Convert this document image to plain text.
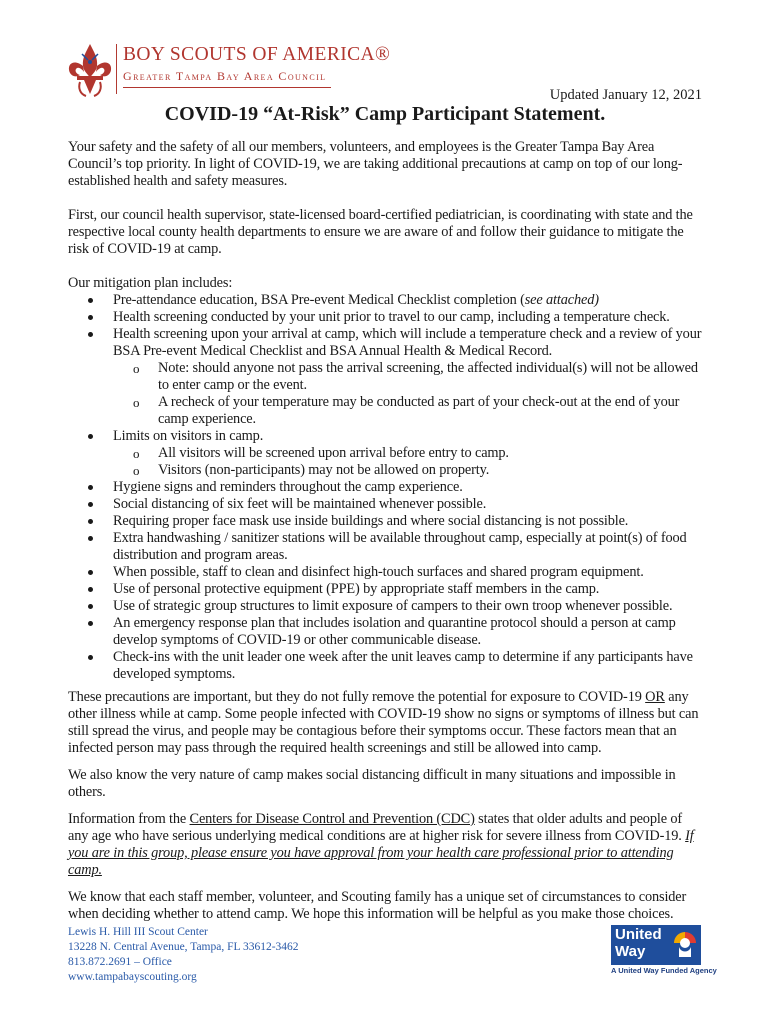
BOY SCOUTS OF AMERICA®
Greater Tampa Bay Area Council
Updated January 12, 2021
COVID-19 “At-Risk” Camp Participant Statement.

Your safety and the safety of all our members, volunteers, and employees is the Greater Tampa Bay Area Council’s top priority. In light of COVID-19, we are taking additional precautions at camp on top of our long-established health and safety measures.

First, our council health supervisor, state-licensed board-certified pediatrician, is coordinating with state and the respective local county health departments to ensure we are aware of and follow their guidance to mitigate the risk of COVID-19 at camp.

Our mitigation plan includes:

Pre-attendance education, BSA Pre-event Medical Checklist completion (see attached)
Health screening conducted by your unit prior to travel to our camp, including a temperature check.
Health screening upon your arrival at camp, which will include a temperature check and a review of your BSA Pre-event Medical Checklist and BSA Annual Health & Medical Record.
o Note: should anyone not pass the arrival screening, the affected individual(s) will not be allowed to enter camp or the event.
o A recheck of your temperature may be conducted as part of your check-out at the end of your camp experience.
Limits on visitors in camp.
o All visitors will be screened upon arrival before entry to camp.
o Visitors (non-participants) may not be allowed on property.
Hygiene signs and reminders throughout the camp experience.
Social distancing of six feet will be maintained whenever possible.
Requiring proper face mask use inside buildings and where social distancing is not possible.
Extra handwashing / sanitizer stations will be available throughout camp, especially at point(s) of food distribution and program areas.
When possible, staff to clean and disinfect high-touch surfaces and shared program equipment.
Use of personal protective equipment (PPE) by appropriate staff members in the camp.
Use of strategic group structures to limit exposure of campers to their own troop whenever possible.
An emergency response plan that includes isolation and quarantine protocol should a person at camp develop symptoms of COVID-19 or other communicable disease.
Check-ins with the unit leader one week after the unit leaves camp to determine if any participants have developed symptoms.

These precautions are important, but they do not fully remove the potential for exposure to COVID-19 OR any other illness while at camp. Some people infected with COVID-19 show no signs or symptoms of illness but can still spread the virus, and people may be contagious before their symptoms occur. These factors mean that an infected person may pass through the required health screenings and still be allowed into camp.

We also know the very nature of camp makes social distancing difficult in many situations and impossible in others.

Information from the Centers for Disease Control and Prevention (CDC) states that older adults and people of any age who have serious underlying medical conditions are at higher risk for severe illness from COVID-19. If you are in this group, please ensure you have approval from your health care professional prior to attending camp.

We know that each staff member, volunteer, and Scouting family has a unique set of circumstances to consider when deciding whether to attend camp. We hope this information will be helpful as you make those choices.

Lewis H. Hill III Scout Center
13228 N. Central Avenue, Tampa, FL 33612-3462
813.872.2691 – Office
www.tampabayscouting.org
United
Way
A United Way Funded Agency
